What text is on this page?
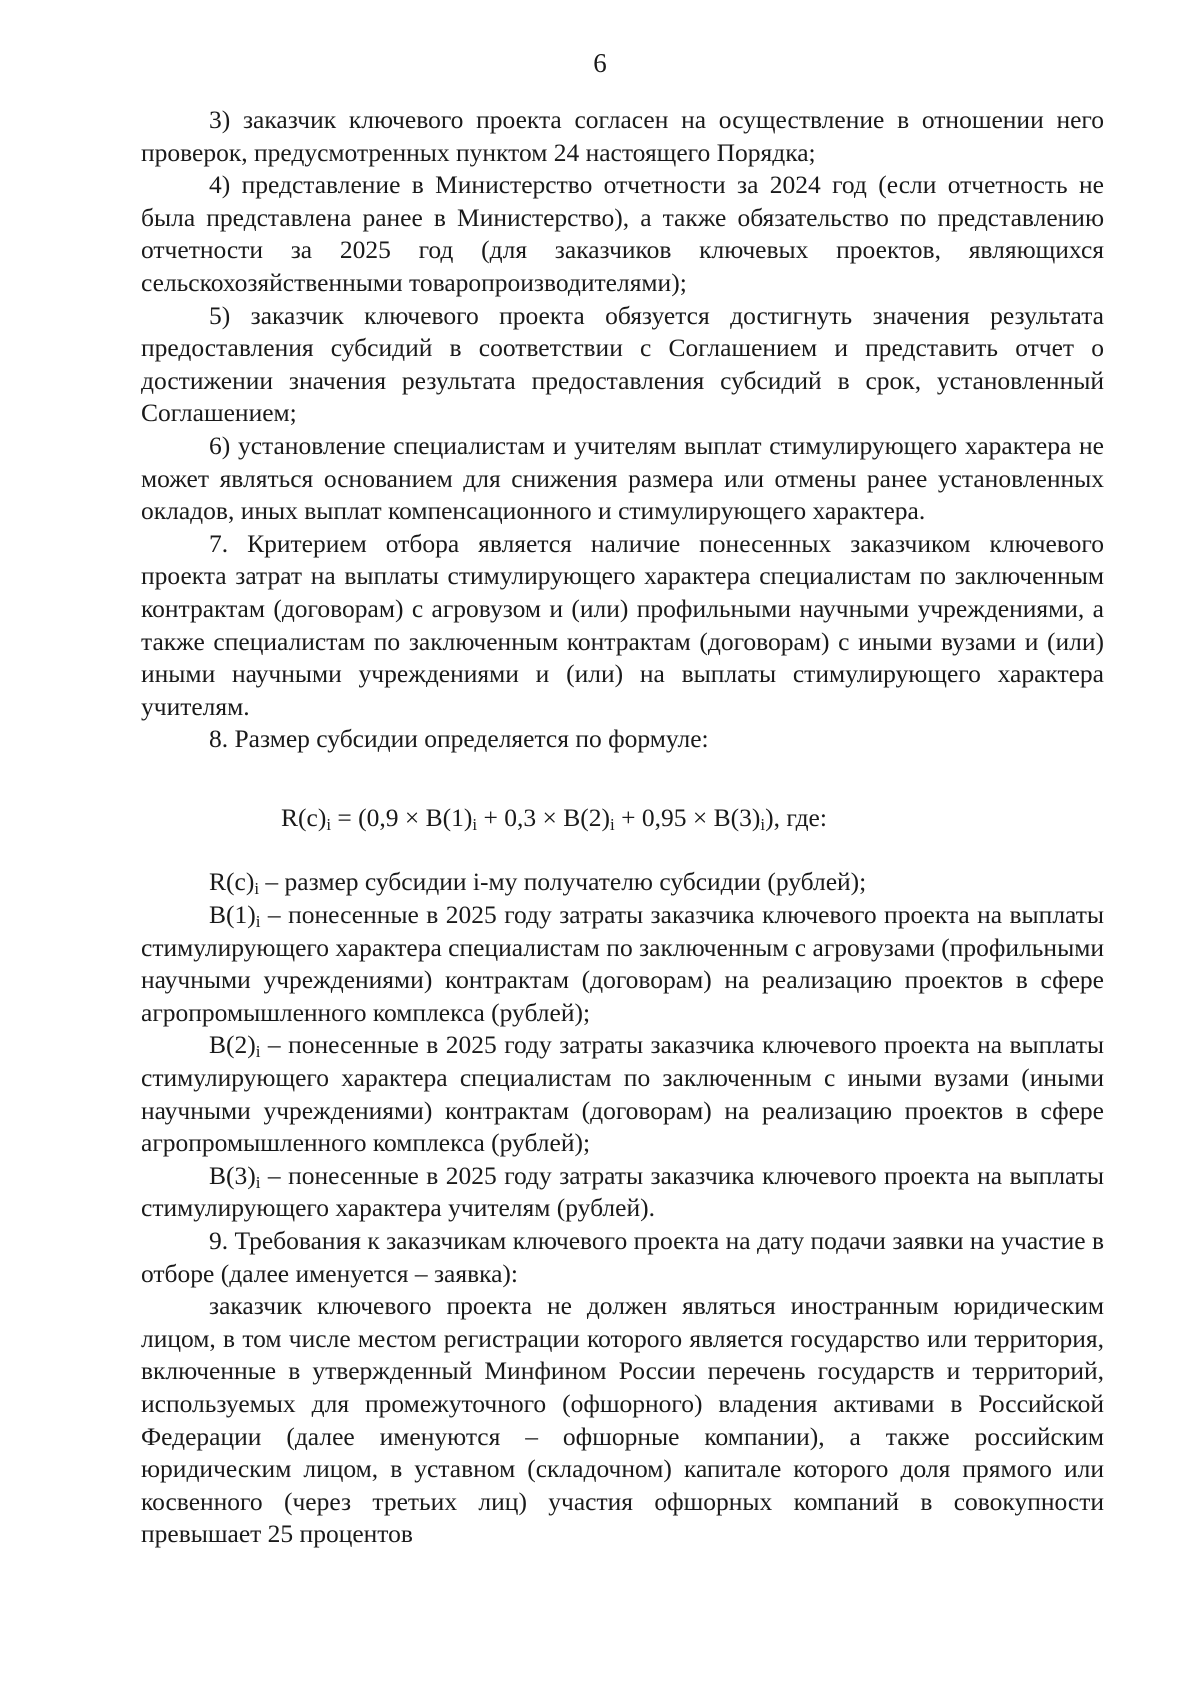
6

3) заказчик ключевого проекта согласен на осуществление в отношении него проверок, предусмотренных пунктом 24 настоящего Порядка;

4) представление в Министерство отчетности за 2024 год (если отчетность не была представлена ранее в Министерство), а также обязательство по представлению отчетности за 2025 год (для заказчиков ключевых проектов, являющихся сельскохозяйственными товаропроизводителями);

5) заказчик ключевого проекта обязуется достигнуть значения результата предоставления субсидий в соответствии с Соглашением и представить отчет о достижении значения результата предоставления субсидий в срок, установленный Соглашением;

6) установление специалистам и учителям выплат стимулирующего характера не может являться основанием для снижения размера или отмены ранее установленных окладов, иных выплат компенсационного и стимулирующего характера.

7. Критерием отбора является наличие понесенных заказчиком ключевого проекта затрат на выплаты стимулирующего характера специалистам по заключенным контрактам (договорам) с агровузом и (или) профильными научными учреждениями, а также специалистам по заключенным контрактам (договорам) с иными вузами и (или) иными научными учреждениями и (или) на выплаты стимулирующего характера учителям.

8. Размер субсидии определяется по формуле:

$R(c)_i = (0,9 \times B(1)_i + 0,3 \times B(2)_i + 0,95 \times B(3)_i)$, где:

$R(c)_i$ – размер субсидии i-му получателю субсидии (рублей);

$B(1)_i$ – понесенные в 2025 году затраты заказчика ключевого проекта на выплаты стимулирующего характера специалистам по заключенным с агровузами (профильными научными учреждениями) контрактам (договорам) на реализацию проектов в сфере агропромышленного комплекса (рублей);

$B(2)_i$ – понесенные в 2025 году затраты заказчика ключевого проекта на выплаты стимулирующего характера специалистам по заключенным с иными вузами (иными научными учреждениями) контрактам (договорам) на реализацию проектов в сфере агропромышленного комплекса (рублей);

$B(3)_i$ – понесенные в 2025 году затраты заказчика ключевого проекта на выплаты стимулирующего характера учителям (рублей).

9. Требования к заказчикам ключевого проекта на дату подачи заявки на участие в отборе (далее именуется – заявка):

заказчик ключевого проекта не должен являться иностранным юридическим лицом, в том числе местом регистрации которого является государство или территория, включенные в утвержденный Минфином России перечень государств и территорий, используемых для промежуточного (офшорного) владения активами в Российской Федерации (далее именуются – офшорные компании), а также российским юридическим лицом, в уставном (складочном) капитале которого доля прямого или косвенного (через третьих лиц) участия офшорных компаний в совокупности превышает 25 процентов
